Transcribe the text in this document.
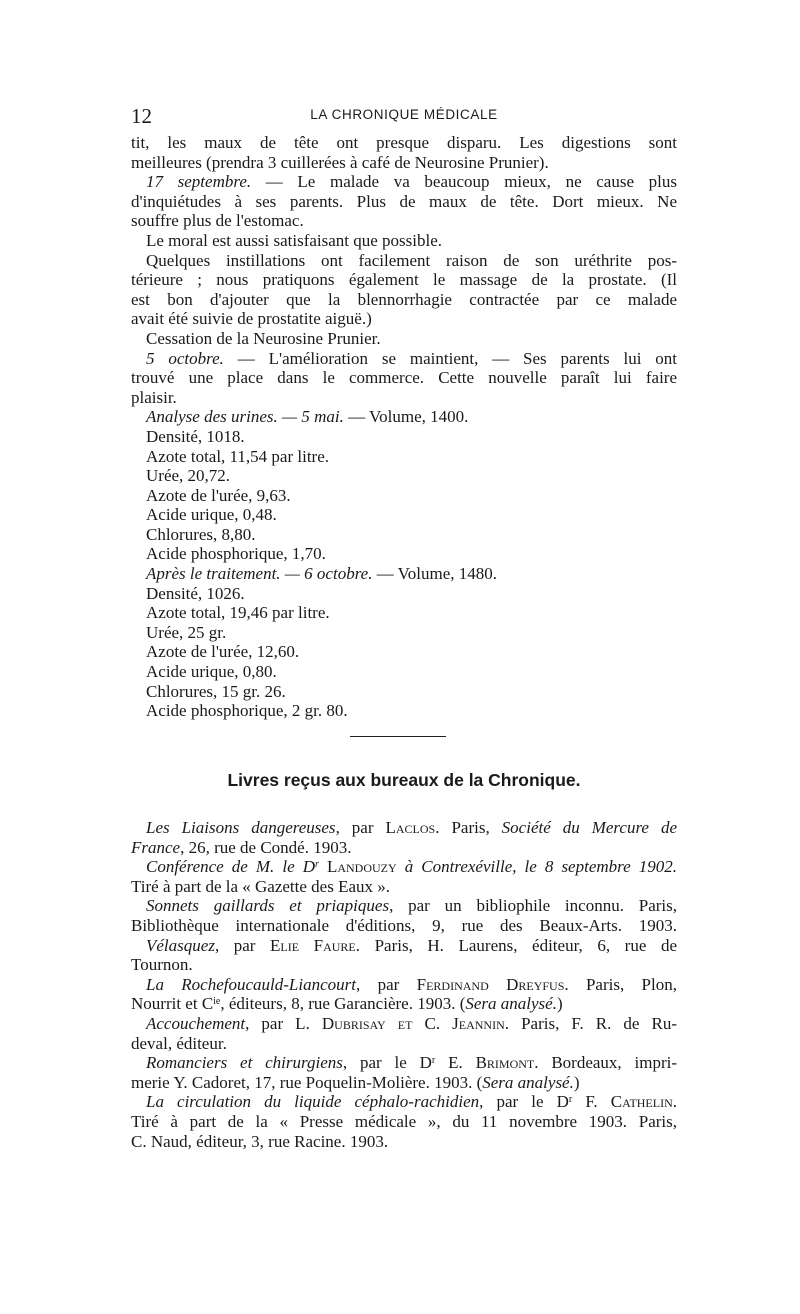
12	LA CHRONIQUE MÉDICALE
tit, les maux de tête ont presque disparu. Les digestions sont
meilleures (prendra 3 cuillerées à café de Neurosine Prunier).
17 septembre. — Le malade va beaucoup mieux, ne cause plus
d'inquiétudes à ses parents. Plus de maux de tête. Dort mieux. Ne
souffre plus de l'estomac.
Le moral est aussi satisfaisant que possible.
Quelques instillations ont facilement raison de son uréthrite pos-
térieure ; nous pratiquons également le massage de la prostate. (Il
est bon d'ajouter que la blennorrhagie contractée par ce malade
avait été suivie de prostatite aiguë.)
Cessation de la Neurosine Prunier.
5 octobre. — L'amélioration se maintient, — Ses parents lui ont
trouvé une place dans le commerce. Cette nouvelle paraît lui faire
plaisir.
Analyse des urines. — 5 mai. — Volume, 1400.
Densité, 1018.
Azote total, 11,54 par litre.
Urée, 20,72.
Azote de l'urée, 9,63.
Acide urique, 0,48.
Chlorures, 8,80.
Acide phosphorique, 1,70.
Après le traitement. — 6 octobre. — Volume, 1480.
Densité, 1026.
Azote total, 19,46 par litre.
Urée, 25 gr.
Azote de l'urée, 12,60.
Acide urique, 0,80.
Chlorures, 15 gr. 26.
Acide phosphorique, 2 gr. 80.
Livres reçus aux bureaux de la Chronique.
Les Liaisons dangereuses, par Laclos. Paris, Société du Mercure de
France, 26, rue de Condé. 1903.
Conférence de M. le $D^r$ Landouzy à Contrexéville, le 8 septembre 1902.
Tiré à part de la « Gazette des Eaux ».
Sonnets gaillards et priapiques, par un bibliophile inconnu. Paris,
Bibliothèque internationale d'éditions, 9, rue des Beaux-Arts. 1903.
Vélasquez, par Elie Faure. Paris, H. Laurens, éditeur, 6, rue de
Tournon.
La Rochefoucauld-Liancourt, par Ferdinand Dreyfus. Paris, Plon,
Nourrit et $C^{ie}$, éditeurs, 8, rue Garancière. 1903. (Sera analysé.)
Accouchement, par L. Dubrisay et C. Jeannin. Paris, F. R. de Ru-
deval, éditeur.
Romanciers et chirurgiens, par le $D^r$ E. Brimont. Bordeaux, impri-
merie Y. Cadoret, 17, rue Poquelin-Molière. 1903. (Sera analysé.)
La circulation du liquide céphalo-rachidien, par le $D^r$ F. Cathelin.
Tiré à part de la « Presse médicale », du 11 novembre 1903. Paris,
C. Naud, éditeur, 3, rue Racine. 1903.
